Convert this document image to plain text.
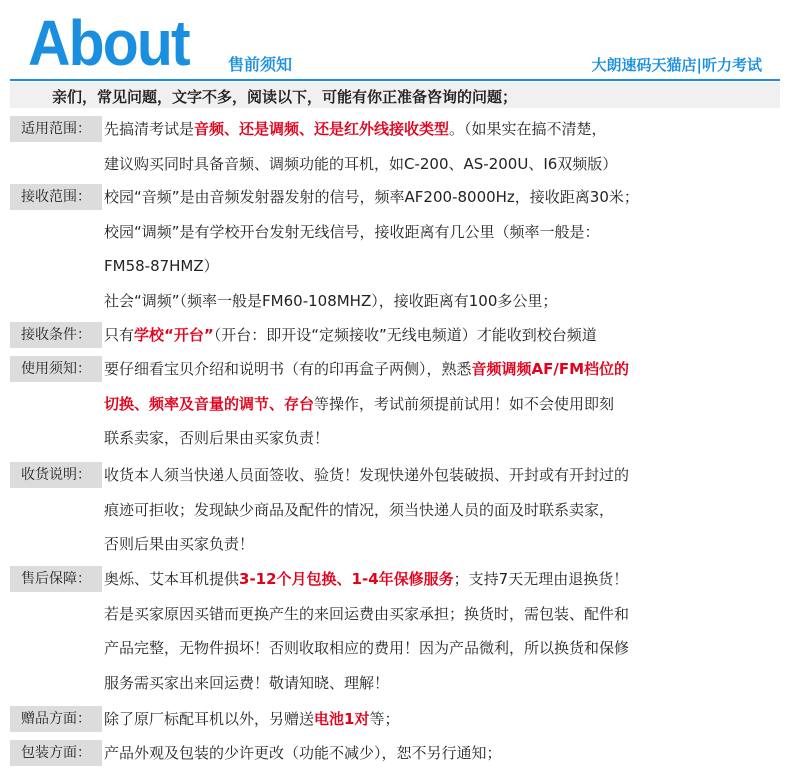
About 售前须知	大朗速码天猫店|听力考试
亲们，常见问题，文字不多，阅读以下，可能有你正准备咨询的问题；
适用范围： 先搞清考试是音频、还是调频、还是红外线接收类型。（如果实在搞不清楚，
建议购买同时具备音频、调频功能的耳机，如C-200、AS-200U、I6双频版）
接收范围： 校园“音频”是由音频发射器发射的信号，频率AF200-8000Hz，接收距离30米；
校园“调频”是有学校开台发射无线信号，接收距离有几公里（频率一般是：
FM58-87HMZ）
社会“调频”（频率一般是FM60-108MHZ），接收距离有100多公里；
接收条件： 只有学校“开台”（开台：即开设“定频接收”无线电频道）才能收到校台频道
使用须知： 要仔细看宝贝介绍和说明书（有的印再盒子两侧），熟悉音频调频AF/FM档位的
切换、频率及音量的调节、存台等操作，考试前须提前试用！如不会使用即刻
联系卖家，否则后果由买家负责！
收货说明： 收货本人须当快递人员面签收、验货！发现快递外包装破损、开封或有开封过的
痕迹可拒收；发现缺少商品及配件的情况，须当快递人员的面及时联系卖家，
否则后果由买家负责！
售后保障： 奥烁、艾本耳机提供3-12个月包换、1-4年保修服务；支持7天无理由退换货！
若是买家原因买错而更换产生的来回运费由买家承担；换货时，需包装、配件和
产品完整，无物件损坏！否则收取相应的费用！因为产品微利，所以换货和保修
服务需买家出来回运费！敬请知晓、理解！
赠品方面： 除了原厂标配耳机以外，另赠送电池1对等；
包装方面： 产品外观及包装的少许更改（功能不减少），恕不另行通知；
